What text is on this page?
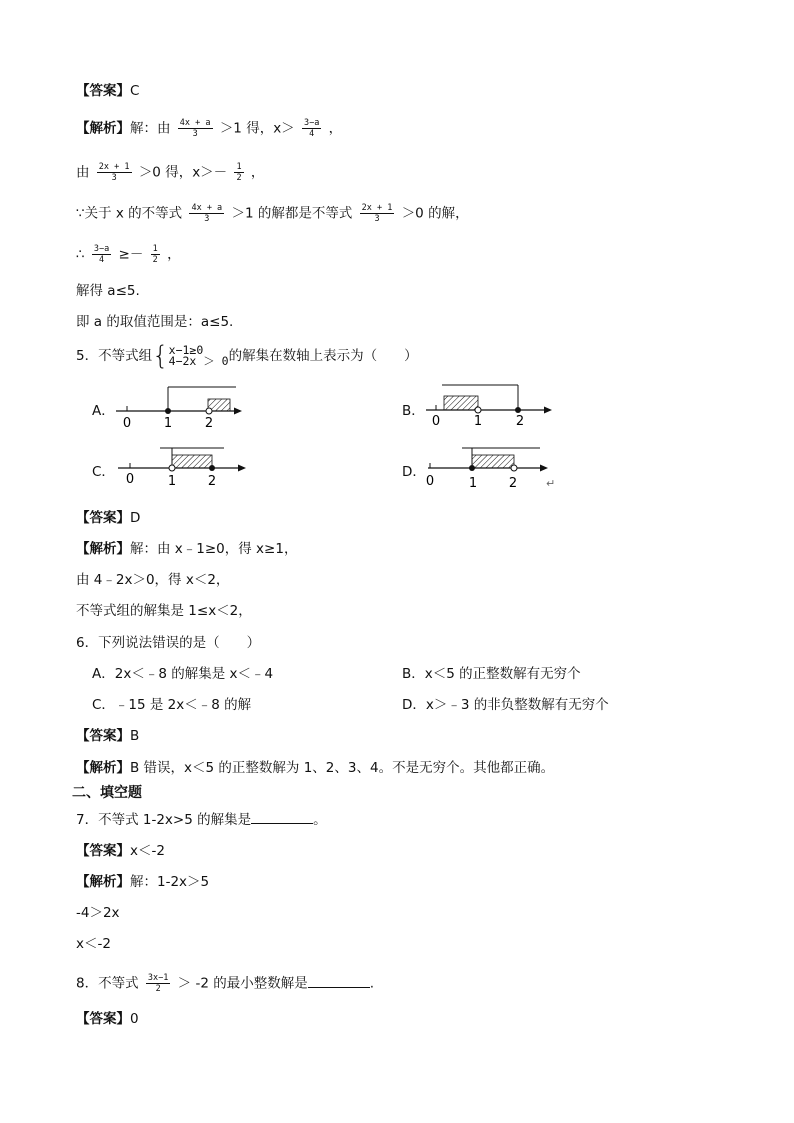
【答案】C
【解析】解：由 $\frac{4x + a}{3} >1$ 得，$x> \frac{3-a}{4}$ ，
由 $\frac{2x + 1}{3} >0$ 得，$x>- \frac{1}{2}$ ，
∵关于 x 的不等式 $\frac{4x + a}{3} >1$ 的解都是不等式 $\frac{2x + 1}{3} >0$ 的解，
∴ $\frac{3-a}{4} \ge- \frac{1}{2}$ ，
解得 a≤5.
即 a 的取值范围是：a≤5.
5．不等式组{ x−1≥0
4−2x ＞ 0 的解集在数轴上表示为（　　）
A．
0	1	2
B．
0	1	2
C． 0	1 2
D．
0	1 2	↵
【答案】D
【解析】解：由 x﹣1≥0，得 x≥1，
由 4﹣2x＞0，得 x＜2，
不等式组的解集是 1≤x＜2，
6．下列说法错误的是（　　）
A．2x＜﹣8 的解集是 x＜﹣4	B．x＜5 的正整数解有无穷个
C．﹣15 是 2x＜﹣8 的解	D．x＞﹣3 的非负整数解有无穷个
【答案】B
【解析】B 错误，x＜5 的正整数解为 1、2、3、4。不是无穷个。其他都正确。
二、填空题
7．不等式 1-2x>5 的解集是	。
【答案】x＜-2
【解析】解：1-2x＞5
-4＞2x
x＜-2
8．不等式 $\frac{3x-1}{2} > -2$ 的最小整数解是	.
【答案】0
